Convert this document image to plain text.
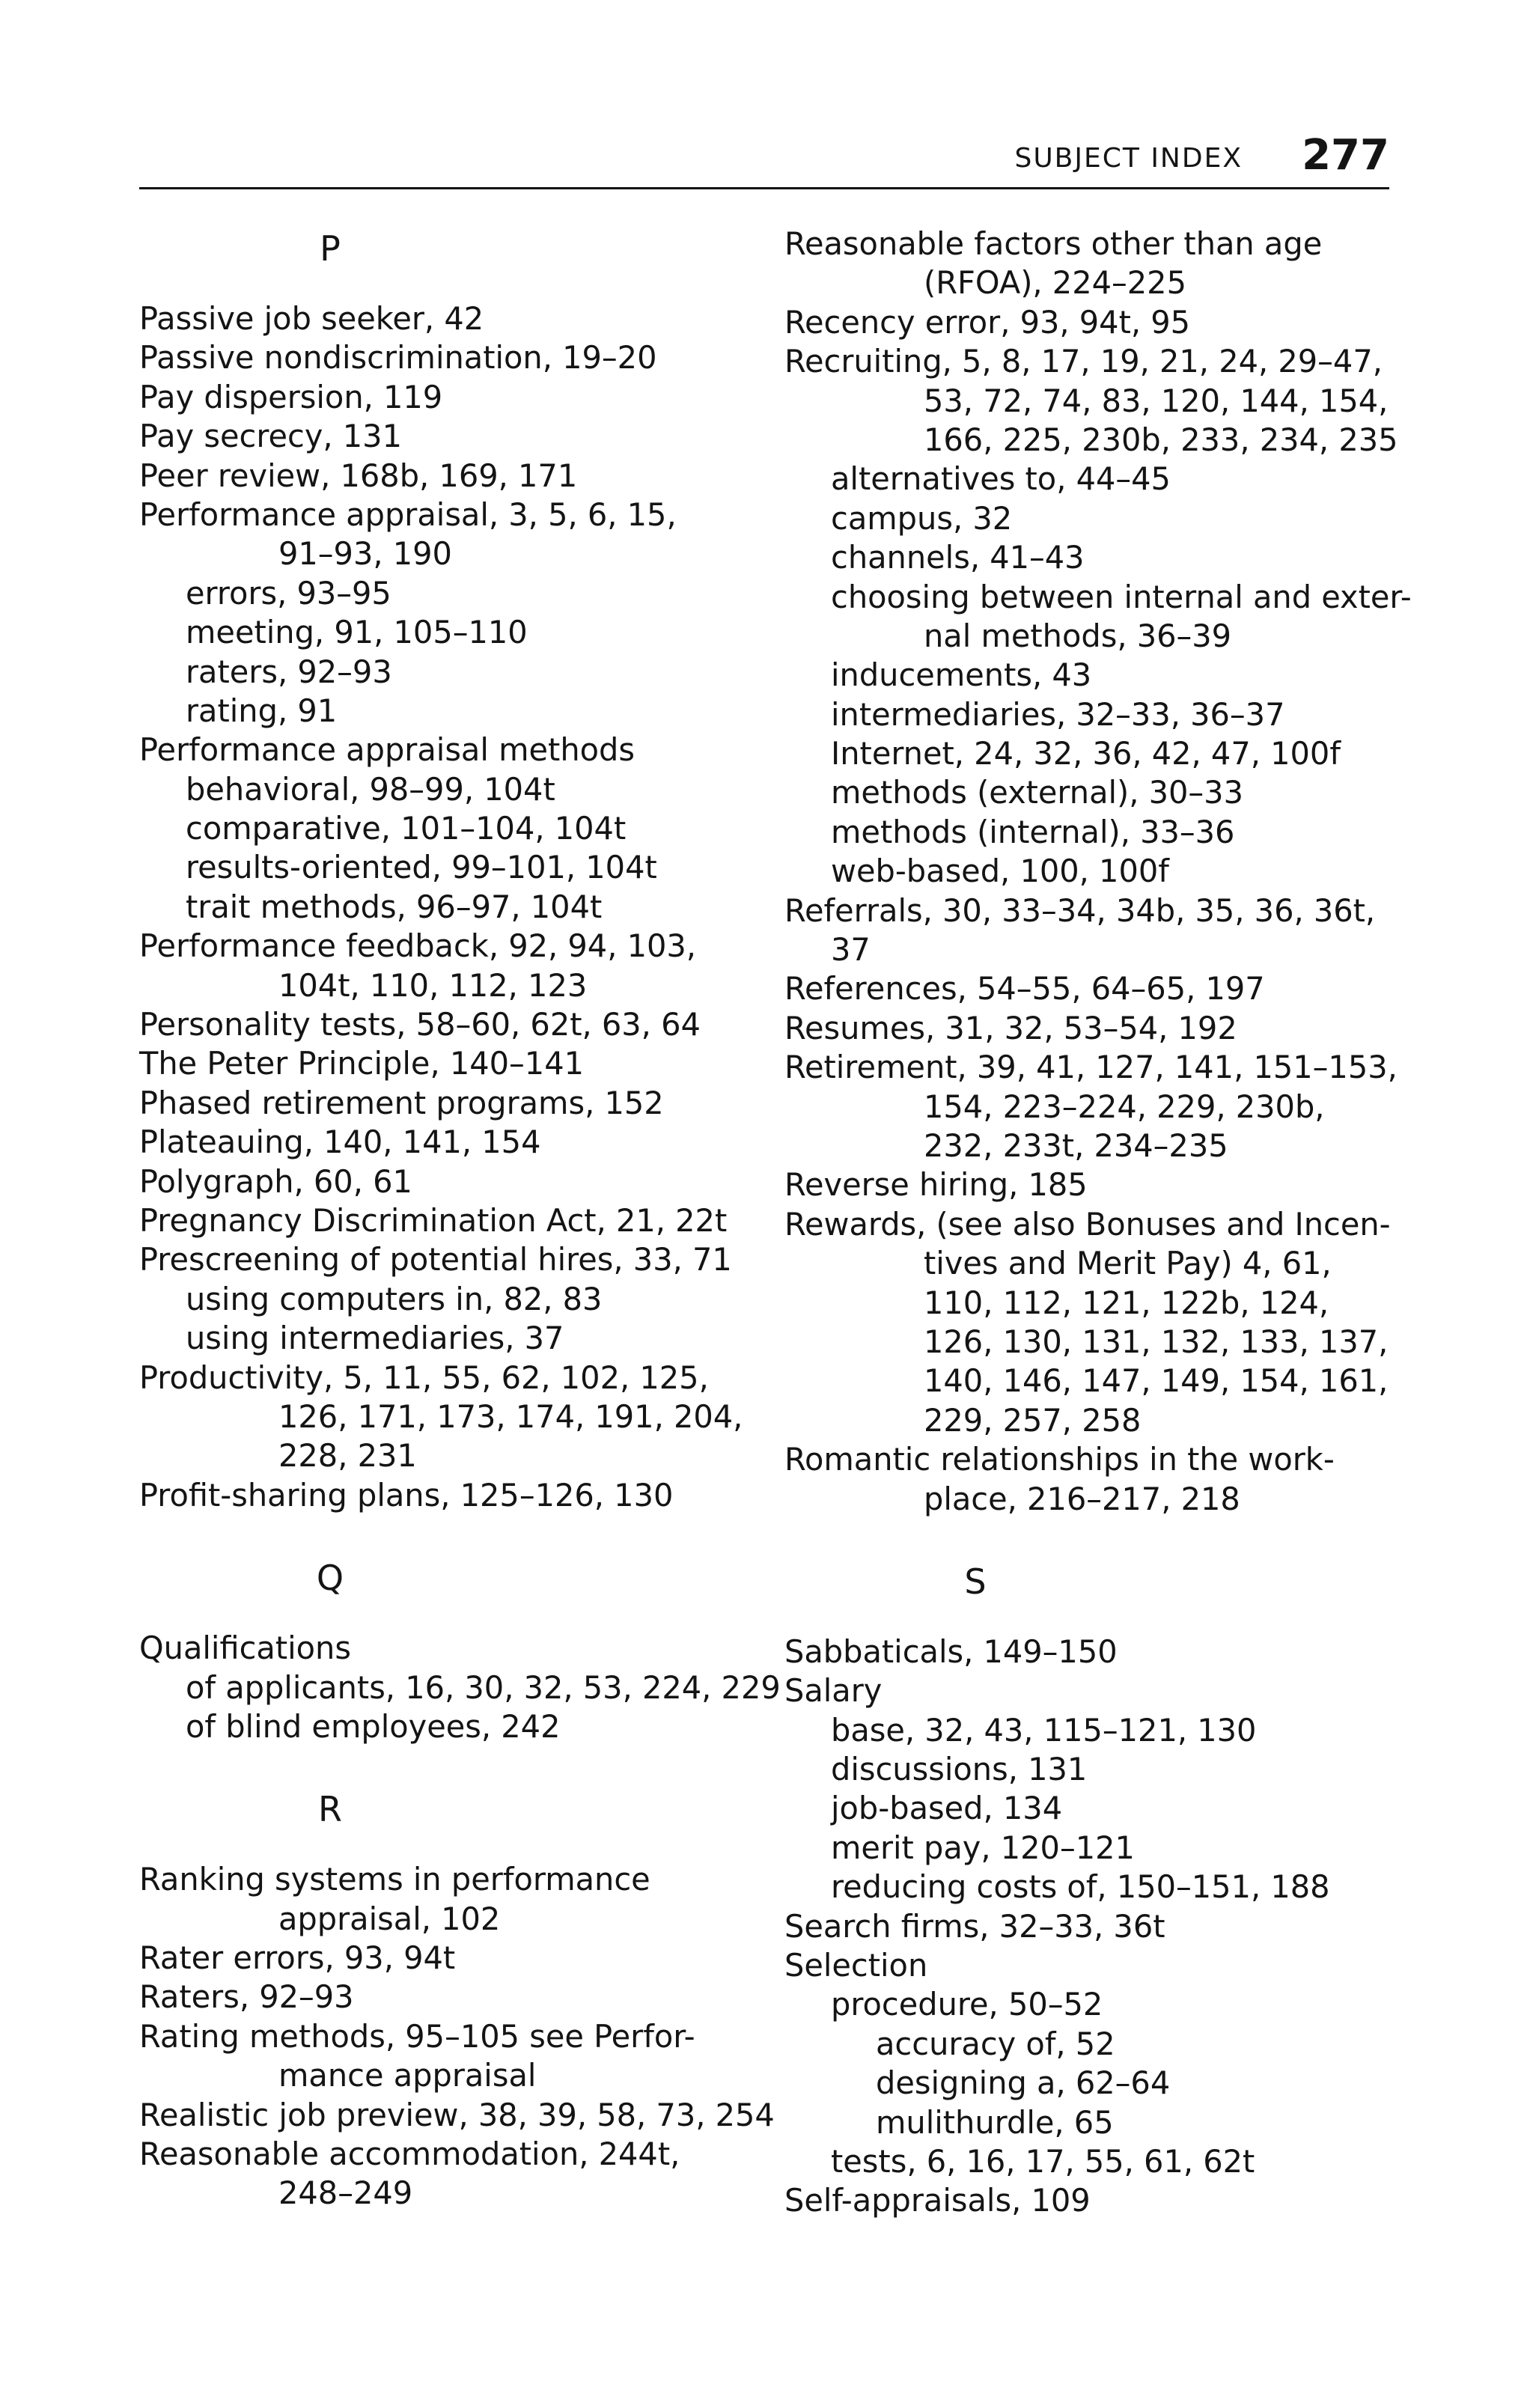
SUBJECT INDEX 277
P
Passive job seeker, 42
Passive nondiscrimination, 19–20
Pay dispersion, 119
Pay secrecy, 131
Peer review, 168b, 169, 171
Performance appraisal, 3, 5, 6, 15,
91–93, 190
errors, 93–95
meeting, 91, 105–110
raters, 92–93
rating, 91
Performance appraisal methods
behavioral, 98–99, 104t
comparative, 101–104, 104t
results-oriented, 99–101, 104t
trait methods, 96–97, 104t
Performance feedback, 92, 94, 103,
104t, 110, 112, 123
Personality tests, 58–60, 62t, 63, 64
The Peter Principle, 140–141
Phased retirement programs, 152
Plateauing, 140, 141, 154
Polygraph, 60, 61
Pregnancy Discrimination Act, 21, 22t
Prescreening of potential hires, 33, 71
using computers in, 82, 83
using intermediaries, 37
Productivity, 5, 11, 55, 62, 102, 125,
126, 171, 173, 174, 191, 204,
228, 231
Profit-sharing plans, 125–126, 130
Q
Qualifications
of applicants, 16, 30, 32, 53, 224, 229
of blind employees, 242
R
Ranking systems in performance
appraisal, 102
Rater errors, 93, 94t
Raters, 92–93
Rating methods, 95–105 see Perfor-
mance appraisal
Realistic job preview, 38, 39, 58, 73, 254
Reasonable accommodation, 244t,
248–249
Reasonable factors other than age
(RFOA), 224–225
Recency error, 93, 94t, 95
Recruiting, 5, 8, 17, 19, 21, 24, 29–47,
53, 72, 74, 83, 120, 144, 154,
166, 225, 230b, 233, 234, 235
alternatives to, 44–45
campus, 32
channels, 41–43
choosing between internal and exter-
nal methods, 36–39
inducements, 43
intermediaries, 32–33, 36–37
Internet, 24, 32, 36, 42, 47, 100f
methods (external), 30–33
methods (internal), 33–36
web-based, 100, 100f
Referrals, 30, 33–34, 34b, 35, 36, 36t,
37
References, 54–55, 64–65, 197
Resumes, 31, 32, 53–54, 192
Retirement, 39, 41, 127, 141, 151–153,
154, 223–224, 229, 230b,
232, 233t, 234–235
Reverse hiring, 185
Rewards, (see also Bonuses and Incen-
tives and Merit Pay) 4, 61,
110, 112, 121, 122b, 124,
126, 130, 131, 132, 133, 137,
140, 146, 147, 149, 154, 161,
229, 257, 258
Romantic relationships in the work-
place, 216–217, 218
S
Sabbaticals, 149–150
Salary
base, 32, 43, 115–121, 130
discussions, 131
job-based, 134
merit pay, 120–121
reducing costs of, 150–151, 188
Search firms, 32–33, 36t
Selection
procedure, 50–52
accuracy of, 52
designing a, 62–64
mulithurdle, 65
tests, 6, 16, 17, 55, 61, 62t
Self-appraisals, 109
